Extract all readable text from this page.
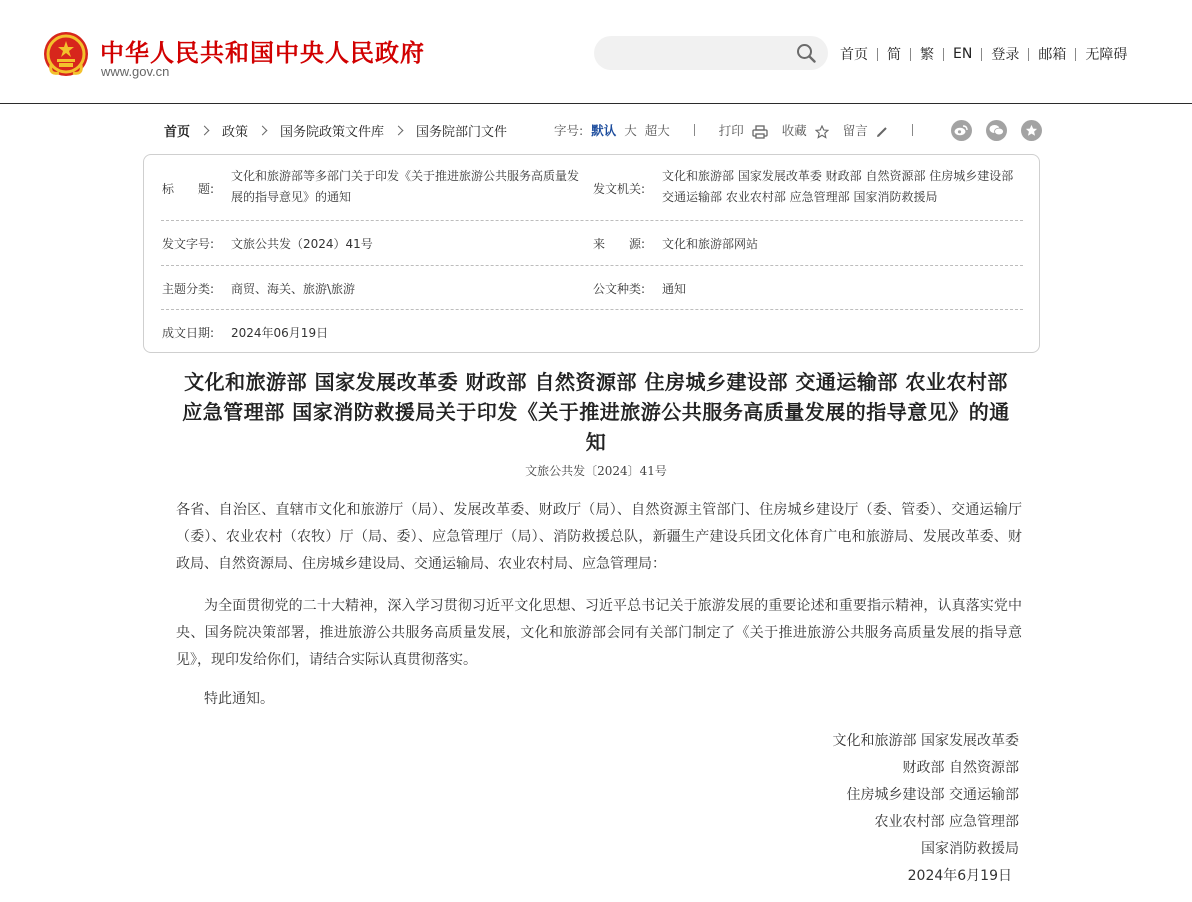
中华人民共和国中央人民政府
www.gov.cn
首页 简 繁 EN 登录 邮箱 无障碍
首页 政策 国务院政策文件库 国务院部门文件	字号: 默认 大 超大	打印	收藏	留言
标　　题:
文化和旅游部等多部门关于印发《关于推进旅游公共服务高质量发展的指导意见》的通知
发文机关:
文化和旅游部 国家发展改革委 财政部 自然资源部 住房城乡建设部 交通运输部 农业农村部 应急管理部 国家消防救援局
发文字号: 文旅公共发（2024）41号	来　　源: 文化和旅游部网站
主题分类: 商贸、海关、旅游\旅游	公文种类: 通知
成文日期: 2024年06月19日
文化和旅游部 国家发展改革委 财政部 自然资源部 住房城乡建设部 交通运输部 农业农村部 应急管理部 国家消防救援局关于印发《关于推进旅游公共服务高质量发展的指导意见》的通知
文旅公共发〔2024〕41号
各省、自治区、直辖市文化和旅游厅（局）、发展改革委、财政厅（局）、自然资源主管部门、住房城乡建设厅（委、管委）、交通运输厅（委）、农业农村（农牧）厅（局、委）、应急管理厅（局）、消防救援总队，新疆生产建设兵团文化体育广电和旅游局、发展改革委、财政局、自然资源局、住房城乡建设局、交通运输局、农业农村局、应急管理局：
为全面贯彻党的二十大精神，深入学习贯彻习近平文化思想、习近平总书记关于旅游发展的重要论述和重要指示精神，认真落实党中央、国务院决策部署，推进旅游公共服务高质量发展，文化和旅游部会同有关部门制定了《关于推进旅游公共服务高质量发展的指导意见》，现印发给你们，请结合实际认真贯彻落实。
特此通知。
文化和旅游部 国家发展改革委
财政部 自然资源部
住房城乡建设部 交通运输部
农业农村部 应急管理部
国家消防救援局
2024年6月19日
